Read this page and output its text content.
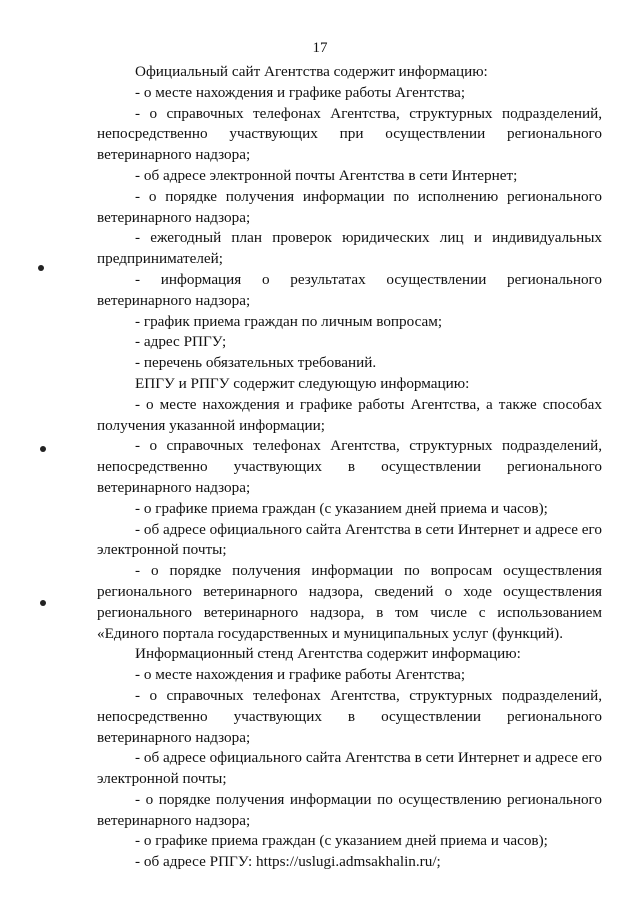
17

Официальный сайт Агентства содержит информацию:

- о месте нахождения и графике работы Агентства;

- о справочных телефонах Агентства, структурных подразделений, непосредственно участвующих при осуществлении регионального ветеринарного надзора;

- об адресе электронной почты Агентства в сети Интернет;

- о порядке получения информации по исполнению регионального ветеринарного надзора;

- ежегодный план проверок юридических лиц и индивидуальных предпринимателей;

- информация о результатах осуществлении регионального ветеринарного надзора;

- график приема граждан по личным вопросам;

- адрес РПГУ;

- перечень обязательных требований.

ЕПГУ и РПГУ содержит следующую информацию:

- о месте нахождения и графике работы Агентства, а также способах получения указанной информации;

- о справочных телефонах Агентства, структурных подразделений, непосредственно участвующих в осуществлении регионального ветеринарного надзора;

- о графике приема граждан (с указанием дней приема и часов);

- об адресе официального сайта Агентства в сети Интернет и адресе его электронной почты;

- о порядке получения информации по вопросам осуществления регионального ветеринарного надзора, сведений о ходе осуществления регионального ветеринарного надзора, в том числе с использованием «Единого портала государственных и муниципальных услуг (функций).

Информационный стенд Агентства содержит информацию:

- о месте нахождения и графике работы Агентства;

- о справочных телефонах Агентства, структурных подразделений, непосредственно участвующих в осуществлении регионального ветеринарного надзора;

- об адресе официального сайта Агентства в сети Интернет и адресе его электронной почты;

- о порядке получения информации по осуществлению регионального ветеринарного надзора;

- о графике приема граждан (с указанием дней приема и часов);

- об адресе РПГУ: https://uslugi.admsakhalin.ru/;
